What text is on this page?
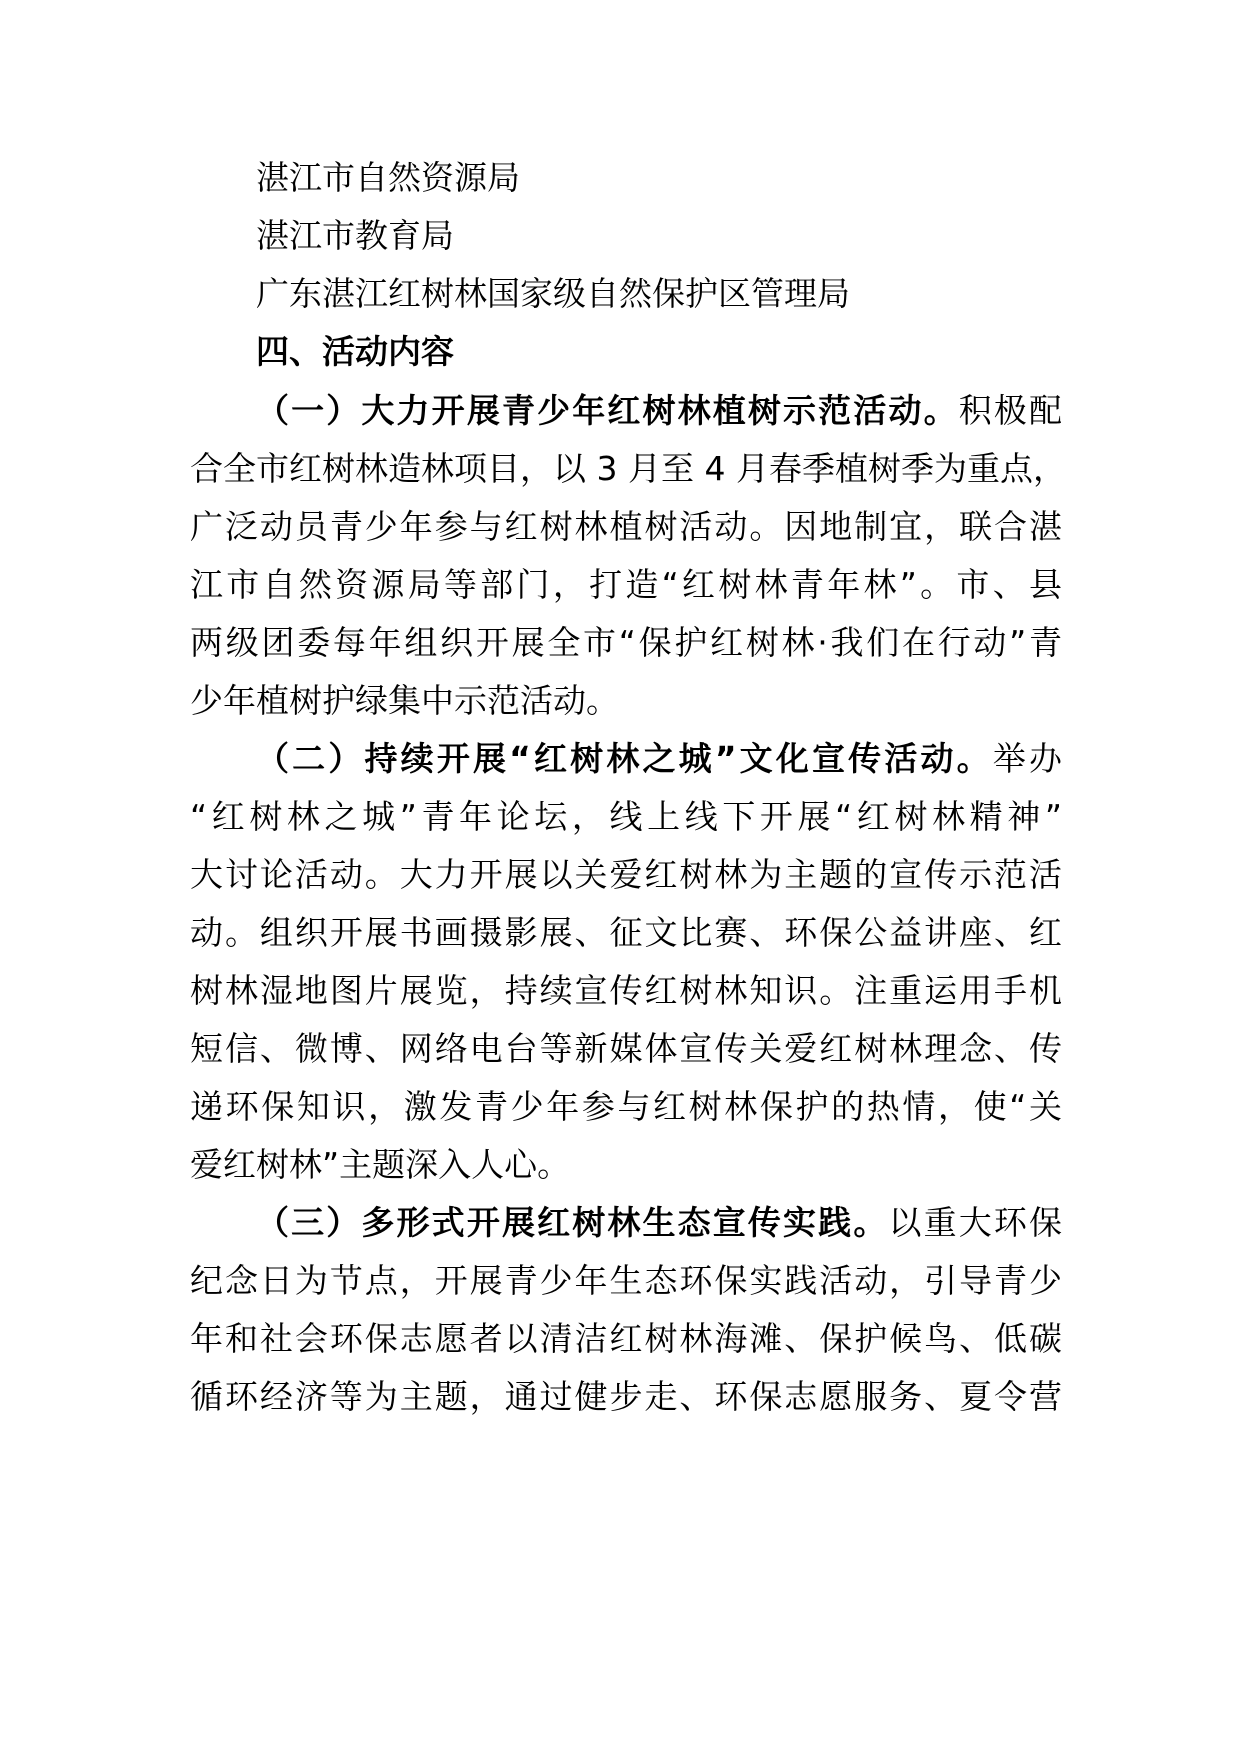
湛江市自然资源局
湛江市教育局
广东湛江红树林国家级自然保护区管理局
四、活动内容
（一）大力开展青少年红树林植树示范活动。积极配
合全市红树林造林项目，以 3 月至 4 月春季植树季为重点，
广泛动员青少年参与红树林植树活动。因地制宜，联合湛
江市自然资源局等部门，打造“红树林青年林”。市、县
两级团委每年组织开展全市“保护红树林·我们在行动”青
少年植树护绿集中示范活动。
（二）持续开展“红树林之城”文化宣传活动。举办
“红树林之城”青年论坛，线上线下开展“红树林精神”
大讨论活动。大力开展以关爱红树林为主题的宣传示范活
动。组织开展书画摄影展、征文比赛、环保公益讲座、红
树林湿地图片展览，持续宣传红树林知识。注重运用手机
短信、微博、网络电台等新媒体宣传关爱红树林理念、传
递环保知识，激发青少年参与红树林保护的热情，使“关
爱红树林”主题深入人心。
（三）多形式开展红树林生态宣传实践。以重大环保
纪念日为节点，开展青少年生态环保实践活动，引导青少
年和社会环保志愿者以清洁红树林海滩、保护候鸟、低碳
循环经济等为主题，通过健步走、环保志愿服务、夏令营
